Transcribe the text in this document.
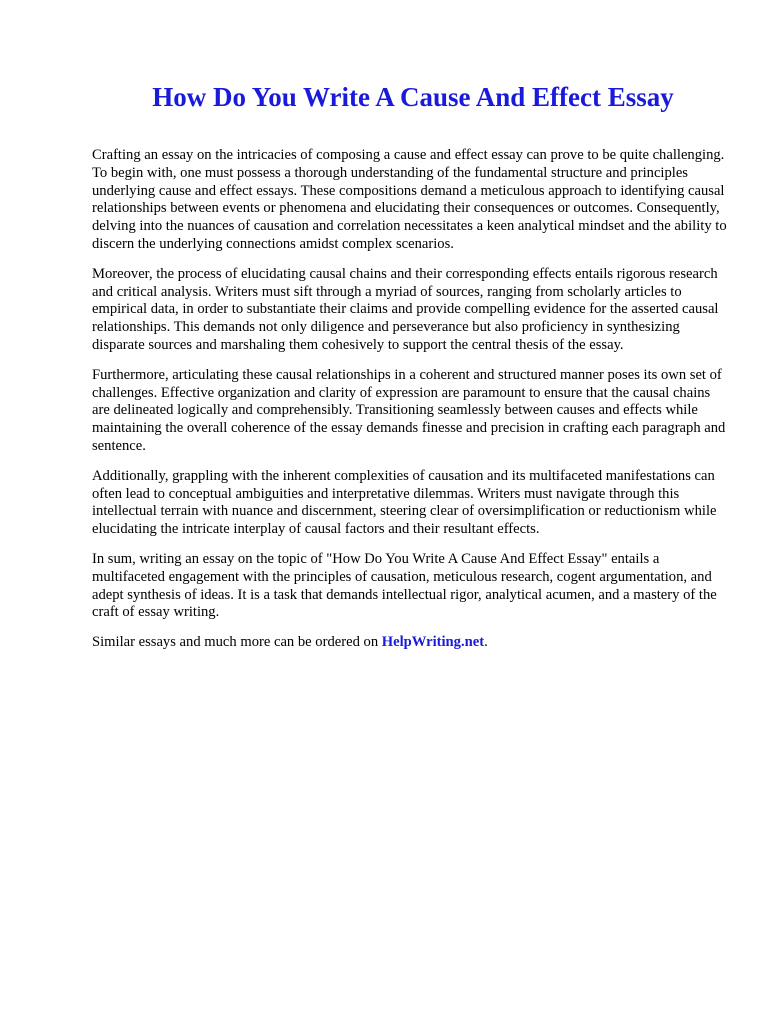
How Do You Write A Cause And Effect Essay

Crafting an essay on the intricacies of composing a cause and effect essay can prove to be quite challenging. To begin with, one must possess a thorough understanding of the fundamental structure and principles underlying cause and effect essays. These compositions demand a meticulous approach to identifying causal relationships between events or phenomena and elucidating their consequences or outcomes. Consequently, delving into the nuances of causation and correlation necessitates a keen analytical mindset and the ability to discern the underlying connections amidst complex scenarios.

Moreover, the process of elucidating causal chains and their corresponding effects entails rigorous research and critical analysis. Writers must sift through a myriad of sources, ranging from scholarly articles to empirical data, in order to substantiate their claims and provide compelling evidence for the asserted causal relationships. This demands not only diligence and perseverance but also proficiency in synthesizing disparate sources and marshaling them cohesively to support the central thesis of the essay.

Furthermore, articulating these causal relationships in a coherent and structured manner poses its own set of challenges. Effective organization and clarity of expression are paramount to ensure that the causal chains are delineated logically and comprehensibly. Transitioning seamlessly between causes and effects while maintaining the overall coherence of the essay demands finesse and precision in crafting each paragraph and sentence.

Additionally, grappling with the inherent complexities of causation and its multifaceted manifestations can often lead to conceptual ambiguities and interpretative dilemmas. Writers must navigate through this intellectual terrain with nuance and discernment, steering clear of oversimplification or reductionism while elucidating the intricate interplay of causal factors and their resultant effects.

In sum, writing an essay on the topic of "How Do You Write A Cause And Effect Essay" entails a multifaceted engagement with the principles of causation, meticulous research, cogent argumentation, and adept synthesis of ideas. It is a task that demands intellectual rigor, analytical acumen, and a mastery of the craft of essay writing.

Similar essays and much more can be ordered on HelpWriting.net.
